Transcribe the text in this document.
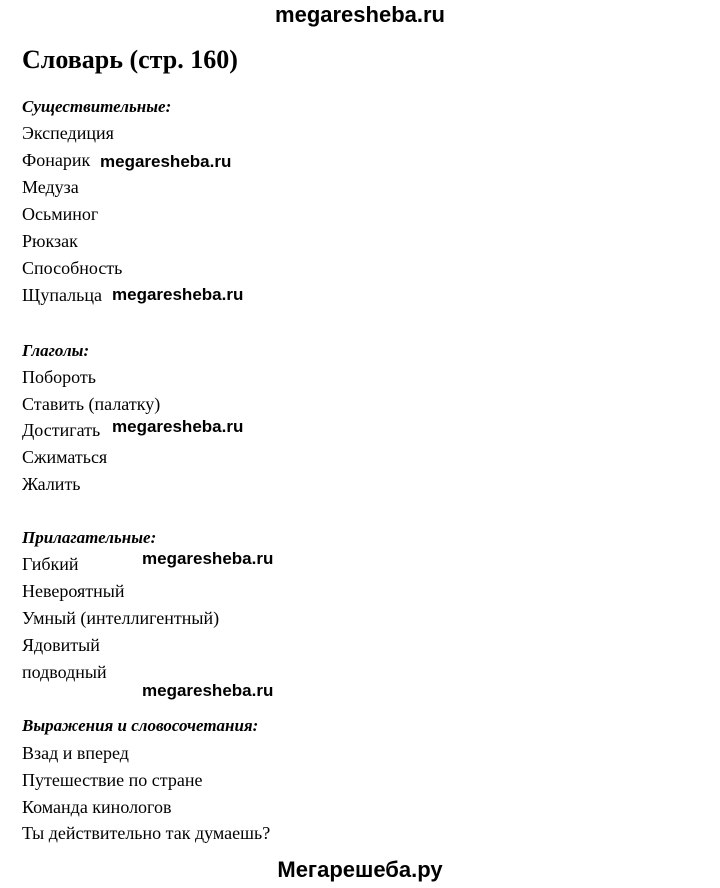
megaresheba.ru
Словарь (стр. 160)
Существительные:
Экспедиция
Фонарик
Медуза
Осьминог
Рюкзак
Способность
Щупальца
Глаголы:
Побороть
Ставить (палатку)
Достигать
Сжиматься
Жалить
Прилагательные:
Гибкий
Невероятный
Умный (интеллигентный)
Ядовитый
подводный
Выражения и словосочетания:
Взад и вперед
Путешествие по стране
Команда кинологов
Ты действительно так думаешь?
megaresheba.ru
megaresheba.ru
megaresheba.ru
megaresheba.ru
megaresheba.ru
Мегарешеба.ру
